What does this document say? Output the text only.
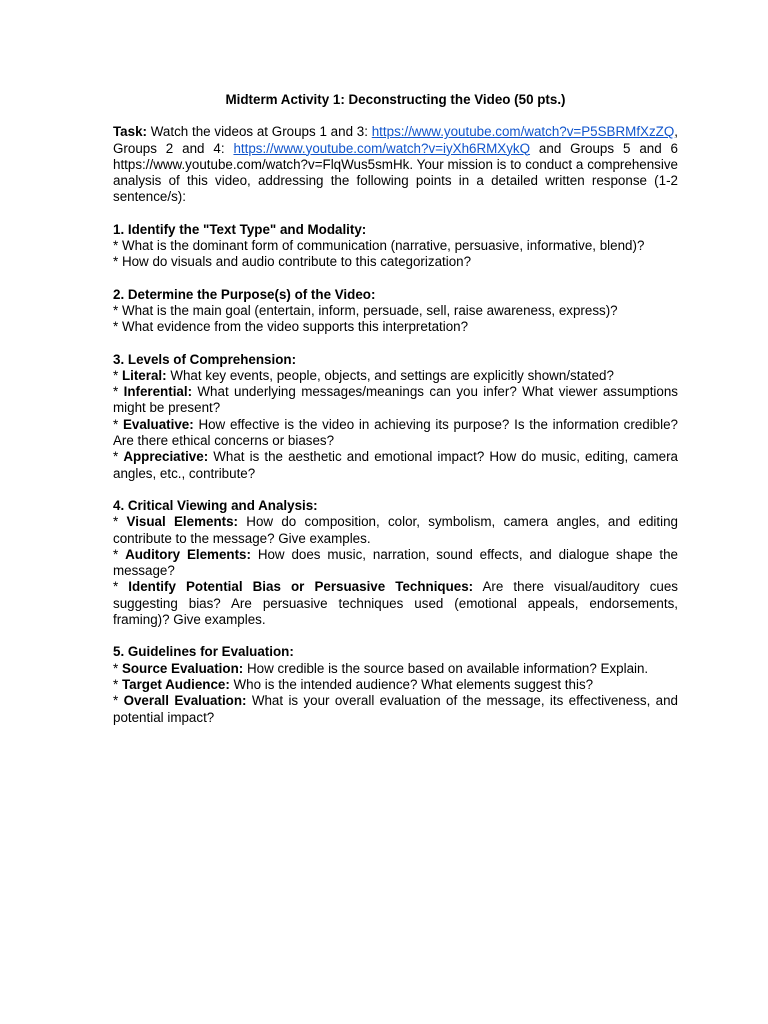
Midterm Activity 1: Deconstructing the Video (50 pts.)

Task: Watch the videos at Groups 1 and 3: https://www.youtube.com/watch?v=P5SBRMfXzZQ, Groups 2 and 4: https://www.youtube.com/watch?v=iyXh6RMXykQ and Groups 5 and 6 https://www.youtube.com/watch?v=FlqWus5smHk. Your mission is to conduct a comprehensive analysis of this video, addressing the following points in a detailed written response (1-2 sentence/s):

1. Identify the "Text Type" and Modality:

* What is the dominant form of communication (narrative, persuasive, informative, blend)?

* How do visuals and audio contribute to this categorization?

2. Determine the Purpose(s) of the Video:

* What is the main goal (entertain, inform, persuade, sell, raise awareness, express)?

* What evidence from the video supports this interpretation?

3. Levels of Comprehension:

* Literal: What key events, people, objects, and settings are explicitly shown/stated?

* Inferential: What underlying messages/meanings can you infer? What viewer assumptions might be present?

* Evaluative: How effective is the video in achieving its purpose? Is the information credible? Are there ethical concerns or biases?

* Appreciative: What is the aesthetic and emotional impact? How do music, editing, camera angles, etc., contribute?

4. Critical Viewing and Analysis:

* Visual Elements: How do composition, color, symbolism, camera angles, and editing contribute to the message? Give examples.

* Auditory Elements: How does music, narration, sound effects, and dialogue shape the message?

* Identify Potential Bias or Persuasive Techniques: Are there visual/auditory cues suggesting bias? Are persuasive techniques used (emotional appeals, endorsements, framing)? Give examples.

5. Guidelines for Evaluation:

* Source Evaluation: How credible is the source based on available information? Explain.

* Target Audience: Who is the intended audience? What elements suggest this?

* Overall Evaluation: What is your overall evaluation of the message, its effectiveness, and potential impact?
